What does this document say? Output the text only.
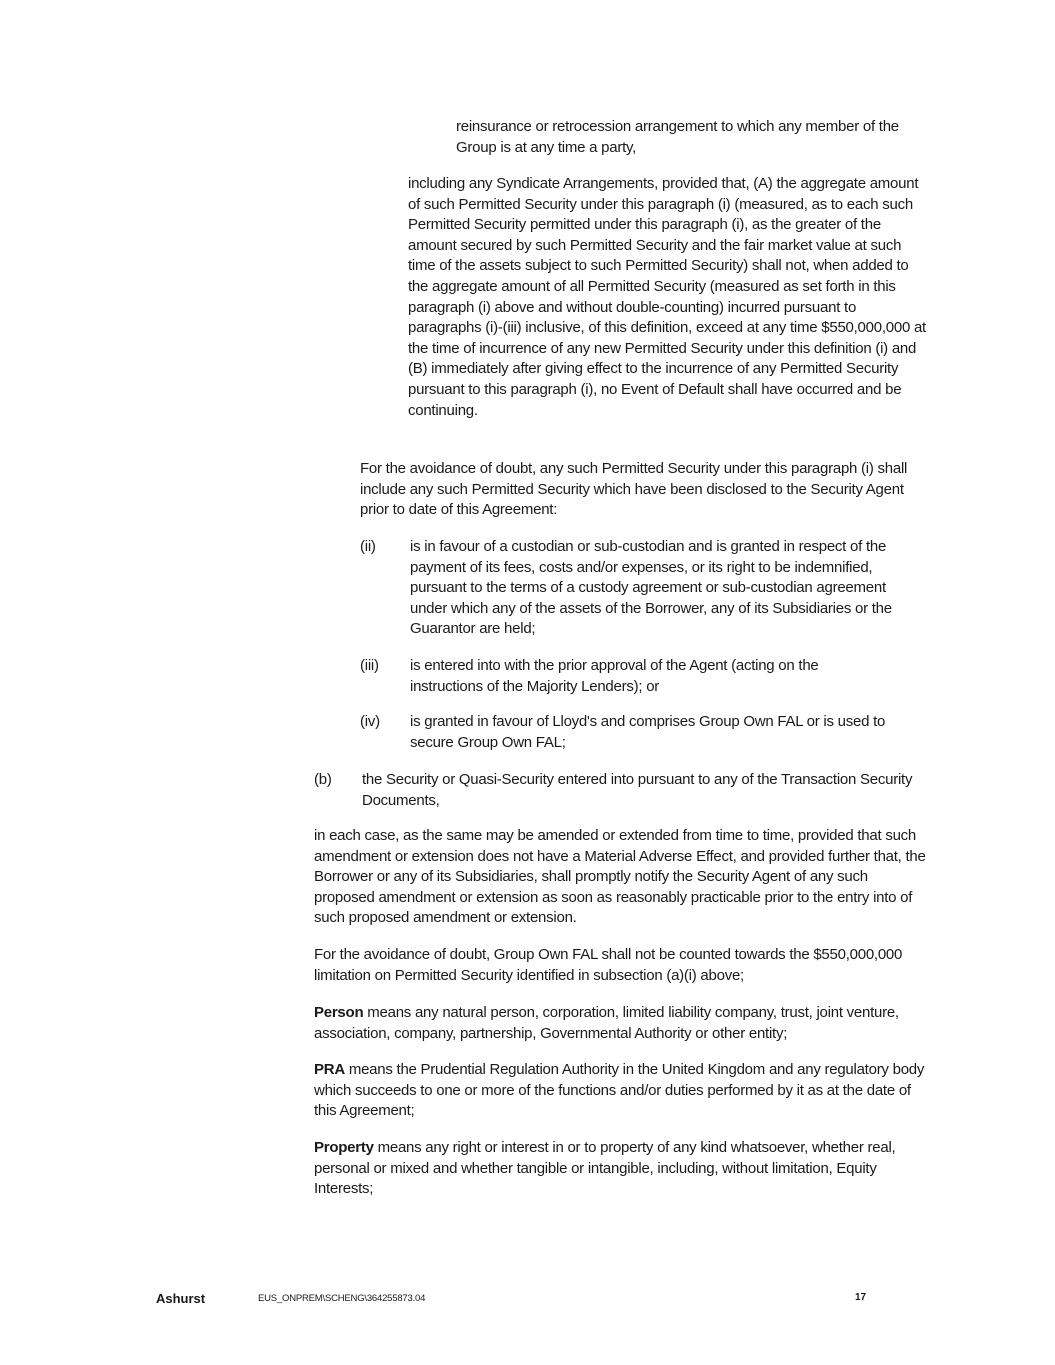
reinsurance or retrocession arrangement to which any member of the Group is at any time a party,

including any Syndicate Arrangements, provided that, (A) the aggregate amount of such Permitted Security under this paragraph (i) (measured, as to each such Permitted Security permitted under this paragraph (i), as the greater of the amount secured by such Permitted Security and the fair market value at such time of the assets subject to such Permitted Security) shall not, when added to the aggregate amount of all Permitted Security (measured as set forth in this paragraph (i) above and without double-counting) incurred pursuant to paragraphs (i)-(iii) inclusive, of this definition, exceed at any time $550,000,000 at the time of incurrence of any new Permitted Security under this definition (i) and (B) immediately after giving effect to the incurrence of any Permitted Security pursuant to this paragraph (i), no Event of Default shall have occurred and be continuing.

For the avoidance of doubt, any such Permitted Security under this paragraph (i) shall include any such Permitted Security which have been disclosed to the Security Agent prior to date of this Agreement:

(ii) is in favour of a custodian or sub-custodian and is granted in respect of the payment of its fees, costs and/or expenses, or its right to be indemnified, pursuant to the terms of a custody agreement or sub-custodian agreement under which any of the assets of the Borrower, any of its Subsidiaries or the Guarantor are held;

(iii) is entered into with the prior approval of the Agent (acting on the instructions of the Majority Lenders); or

(iv) is granted in favour of Lloyd's and comprises Group Own FAL or is used to secure Group Own FAL;

(b) the Security or Quasi-Security entered into pursuant to any of the Transaction Security Documents,

in each case, as the same may be amended or extended from time to time, provided that such amendment or extension does not have a Material Adverse Effect, and provided further that, the Borrower or any of its Subsidiaries, shall promptly notify the Security Agent of any such proposed amendment or extension as soon as reasonably practicable prior to the entry into of such proposed amendment or extension.

For the avoidance of doubt, Group Own FAL shall not be counted towards the $550,000,000 limitation on Permitted Security identified in subsection (a)(i) above;

Person means any natural person, corporation, limited liability company, trust, joint venture, association, company, partnership, Governmental Authority or other entity;

PRA means the Prudential Regulation Authority in the United Kingdom and any regulatory body which succeeds to one or more of the functions and/or duties performed by it as at the date of this Agreement;

Property means any right or interest in or to property of any kind whatsoever, whether real, personal or mixed and whether tangible or intangible, including, without limitation, Equity Interests;

Ashurst	EUS_ONPREM\SCHENG\364255873.04	17
